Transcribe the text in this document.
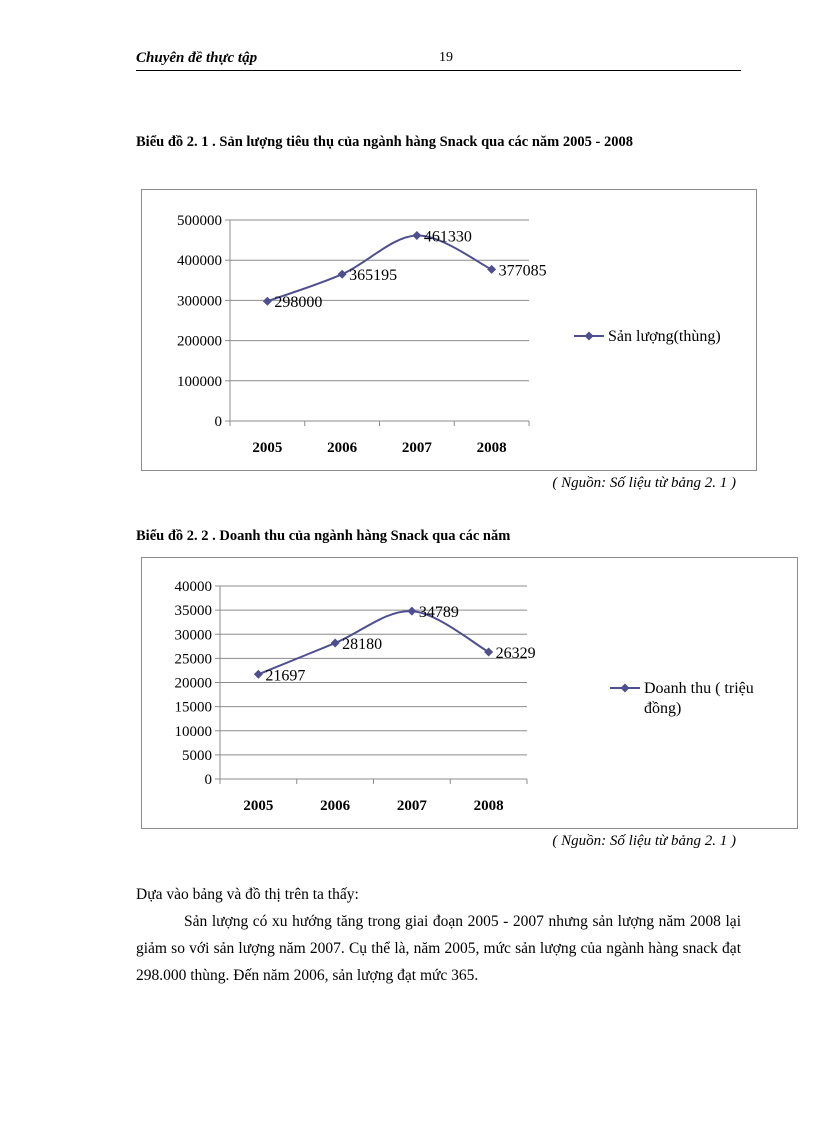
Chuyên đề thực tập	19
Biểu đồ 2. 1 . Sản lượng tiêu thụ của ngành hàng Snack qua các năm 2005 - 2008
0
100000
200000
300000
400000
500000
2005	2006	2007	2008
298000
365195
461330
377085
Sản lượng(thùng)
( Nguồn: Số liệu từ bảng 2. 1 )
Biểu đồ 2. 2 . Doanh thu của ngành hàng Snack qua các năm
0
5000
10000
15000
20000
25000
30000
35000
40000
2005	2006	2007	2008
21697
28180
34789
26329
Doanh thu ( triệu
đồng)
( Nguồn: Số liệu từ bảng 2. 1 )

Dựa vào bảng và đồ thị trên ta thấy:

Sản lượng có xu hướng tăng trong giai đoạn 2005 - 2007 nhưng sản lượng năm 2008 lại giảm so với sản lượng năm 2007. Cụ thể là, năm 2005, mức sản lượng của ngành hàng snack đạt 298.000 thùng. Đến năm 2006, sản lượng đạt mức 365.
